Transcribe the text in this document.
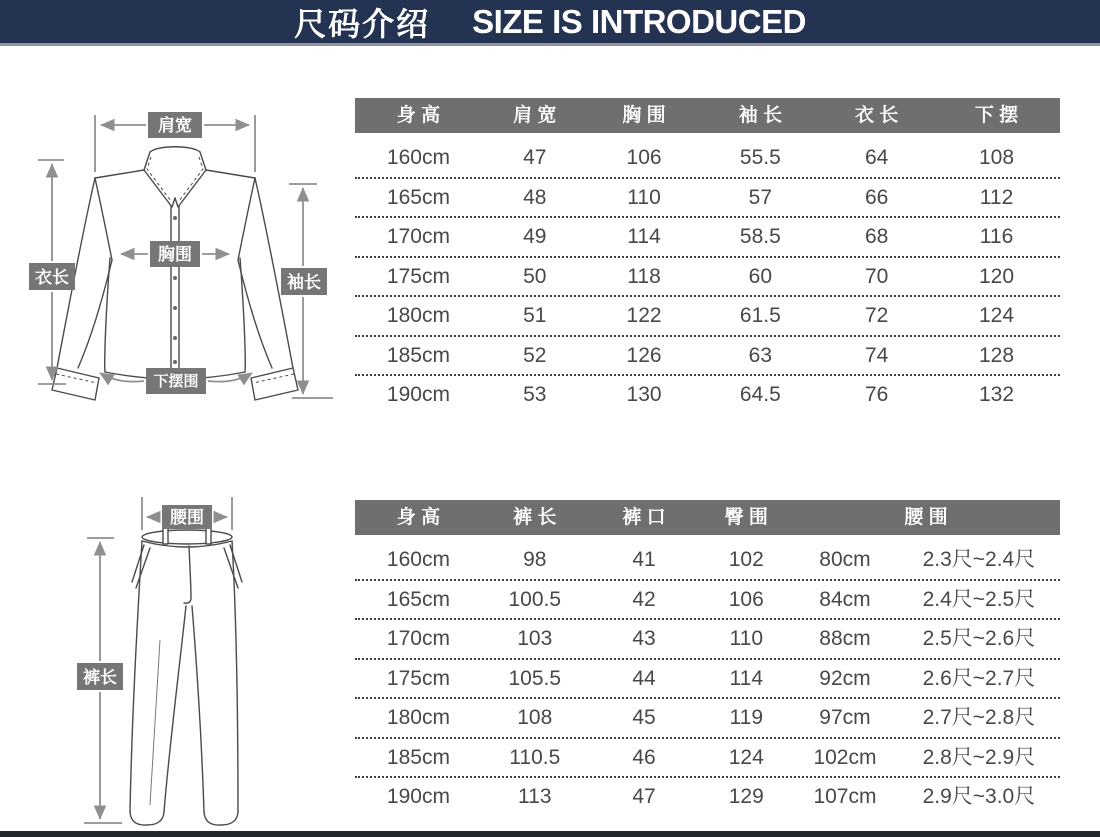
尺码介绍 SIZE IS INTRODUCED
肩宽
衣长	袖长
胸围
下摆围
身 高	肩 宽	胸 围	袖 长	衣 长	下 摆
160cm	47	106	55.5	64	108
165cm	48	110	57	66	112
170cm	49	114	58.5	68	116
175cm	50	118	60	70	120
180cm	51	122	61.5	72	124
185cm	52	126	63	74	128
190cm	53	130	64.5	76	132
腰围
裤长
身 高	裤 长	裤 口	臀 围	腰 围
160cm	98	41	102	80cm	2.3尺~2.4尺
165cm	100.5	42	106	84cm	2.4尺~2.5尺
170cm	103	43	110	88cm	2.5尺~2.6尺
175cm	105.5	44	114	92cm	2.6尺~2.7尺
180cm	108	45	119	97cm	2.7尺~2.8尺
185cm	110.5	46	124	102cm	2.8尺~2.9尺
190cm	113	47	129	107cm	2.9尺~3.0尺
